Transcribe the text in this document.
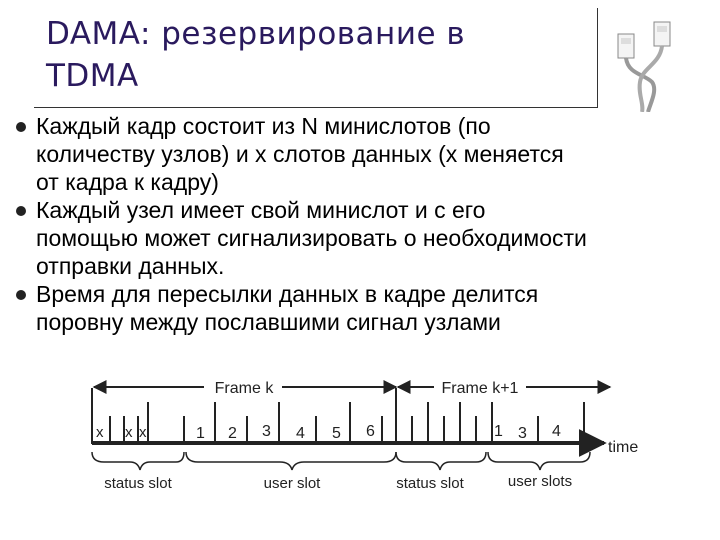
DAMA: резервирование в
TDMA
Каждый кадр состоит из N минислотов (по
количеству узлов) и x слотов данных (x меняется
от кадра к кадру)
Каждый узел имеет свой минислот и с его
помощью может сигнализировать о необходимости
отправки данных.
Время для пересылки данных в кадре делится
поровну между пославшими сигнал узлами
Frame k	Frame k+1
time
x x x	1 2 3 4 5 6	1 3 4
status slot	user slot	status slot	user slots
